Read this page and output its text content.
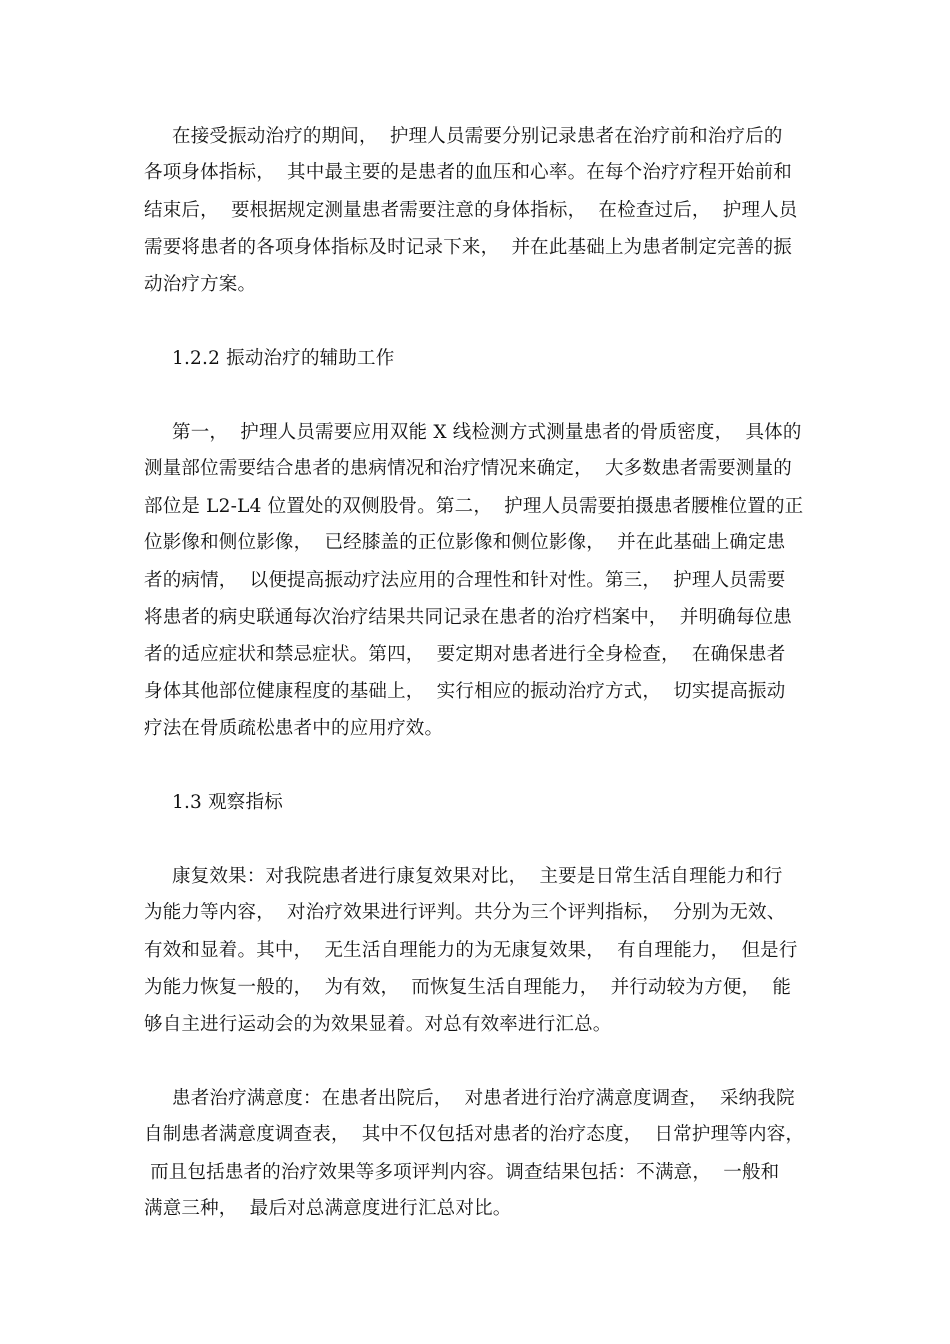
在接受振动治疗的期间，  护理人员需要分别记录患者在治疗前和治疗后的
各项身体指标，  其中最主要的是患者的血压和心率。在每个治疗疗程开始前和
结束后，  要根据规定测量患者需要注意的身体指标，  在检查过后，  护理人员
需要将患者的各项身体指标及时记录下来，  并在此基础上为患者制定完善的振
动治疗方案。
1.2.2 振动治疗的辅助工作
第一，  护理人员需要应用双能 X 线检测方式测量患者的骨质密度，  具体的
测量部位需要结合患者的患病情况和治疗情况来确定，  大多数患者需要测量的
部位是 L2-L4 位置处的双侧股骨。第二，  护理人员需要拍摄患者腰椎位置的正
位影像和侧位影像，  已经膝盖的正位影像和侧位影像，  并在此基础上确定患
者的病情，  以便提高振动疗法应用的合理性和针对性。第三，  护理人员需要
将患者的病史联通每次治疗结果共同记录在患者的治疗档案中，  并明确每位患
者的适应症状和禁忌症状。第四，  要定期对患者进行全身检查，  在确保患者
身体其他部位健康程度的基础上，  实行相应的振动治疗方式，  切实提高振动
疗法在骨质疏松患者中的应用疗效。
1.3 观察指标
康复效果：对我院患者进行康复效果对比，  主要是日常生活自理能力和行
为能力等内容，  对治疗效果进行评判。共分为三个评判指标，  分别为无效、
有效和显着。其中，  无生活自理能力的为无康复效果，  有自理能力，  但是行
为能力恢复一般的，  为有效，  而恢复生活自理能力，  并行动较为方便，  能
够自主进行运动会的为效果显着。对总有效率进行汇总。
患者治疗满意度：在患者出院后，  对患者进行治疗满意度调查，  采纳我院
自制患者满意度调查表，  其中不仅包括对患者的治疗态度，  日常护理等内容，
而且包括患者的治疗效果等多项评判内容。调查结果包括：不满意，  一般和
满意三种，  最后对总满意度进行汇总对比。
